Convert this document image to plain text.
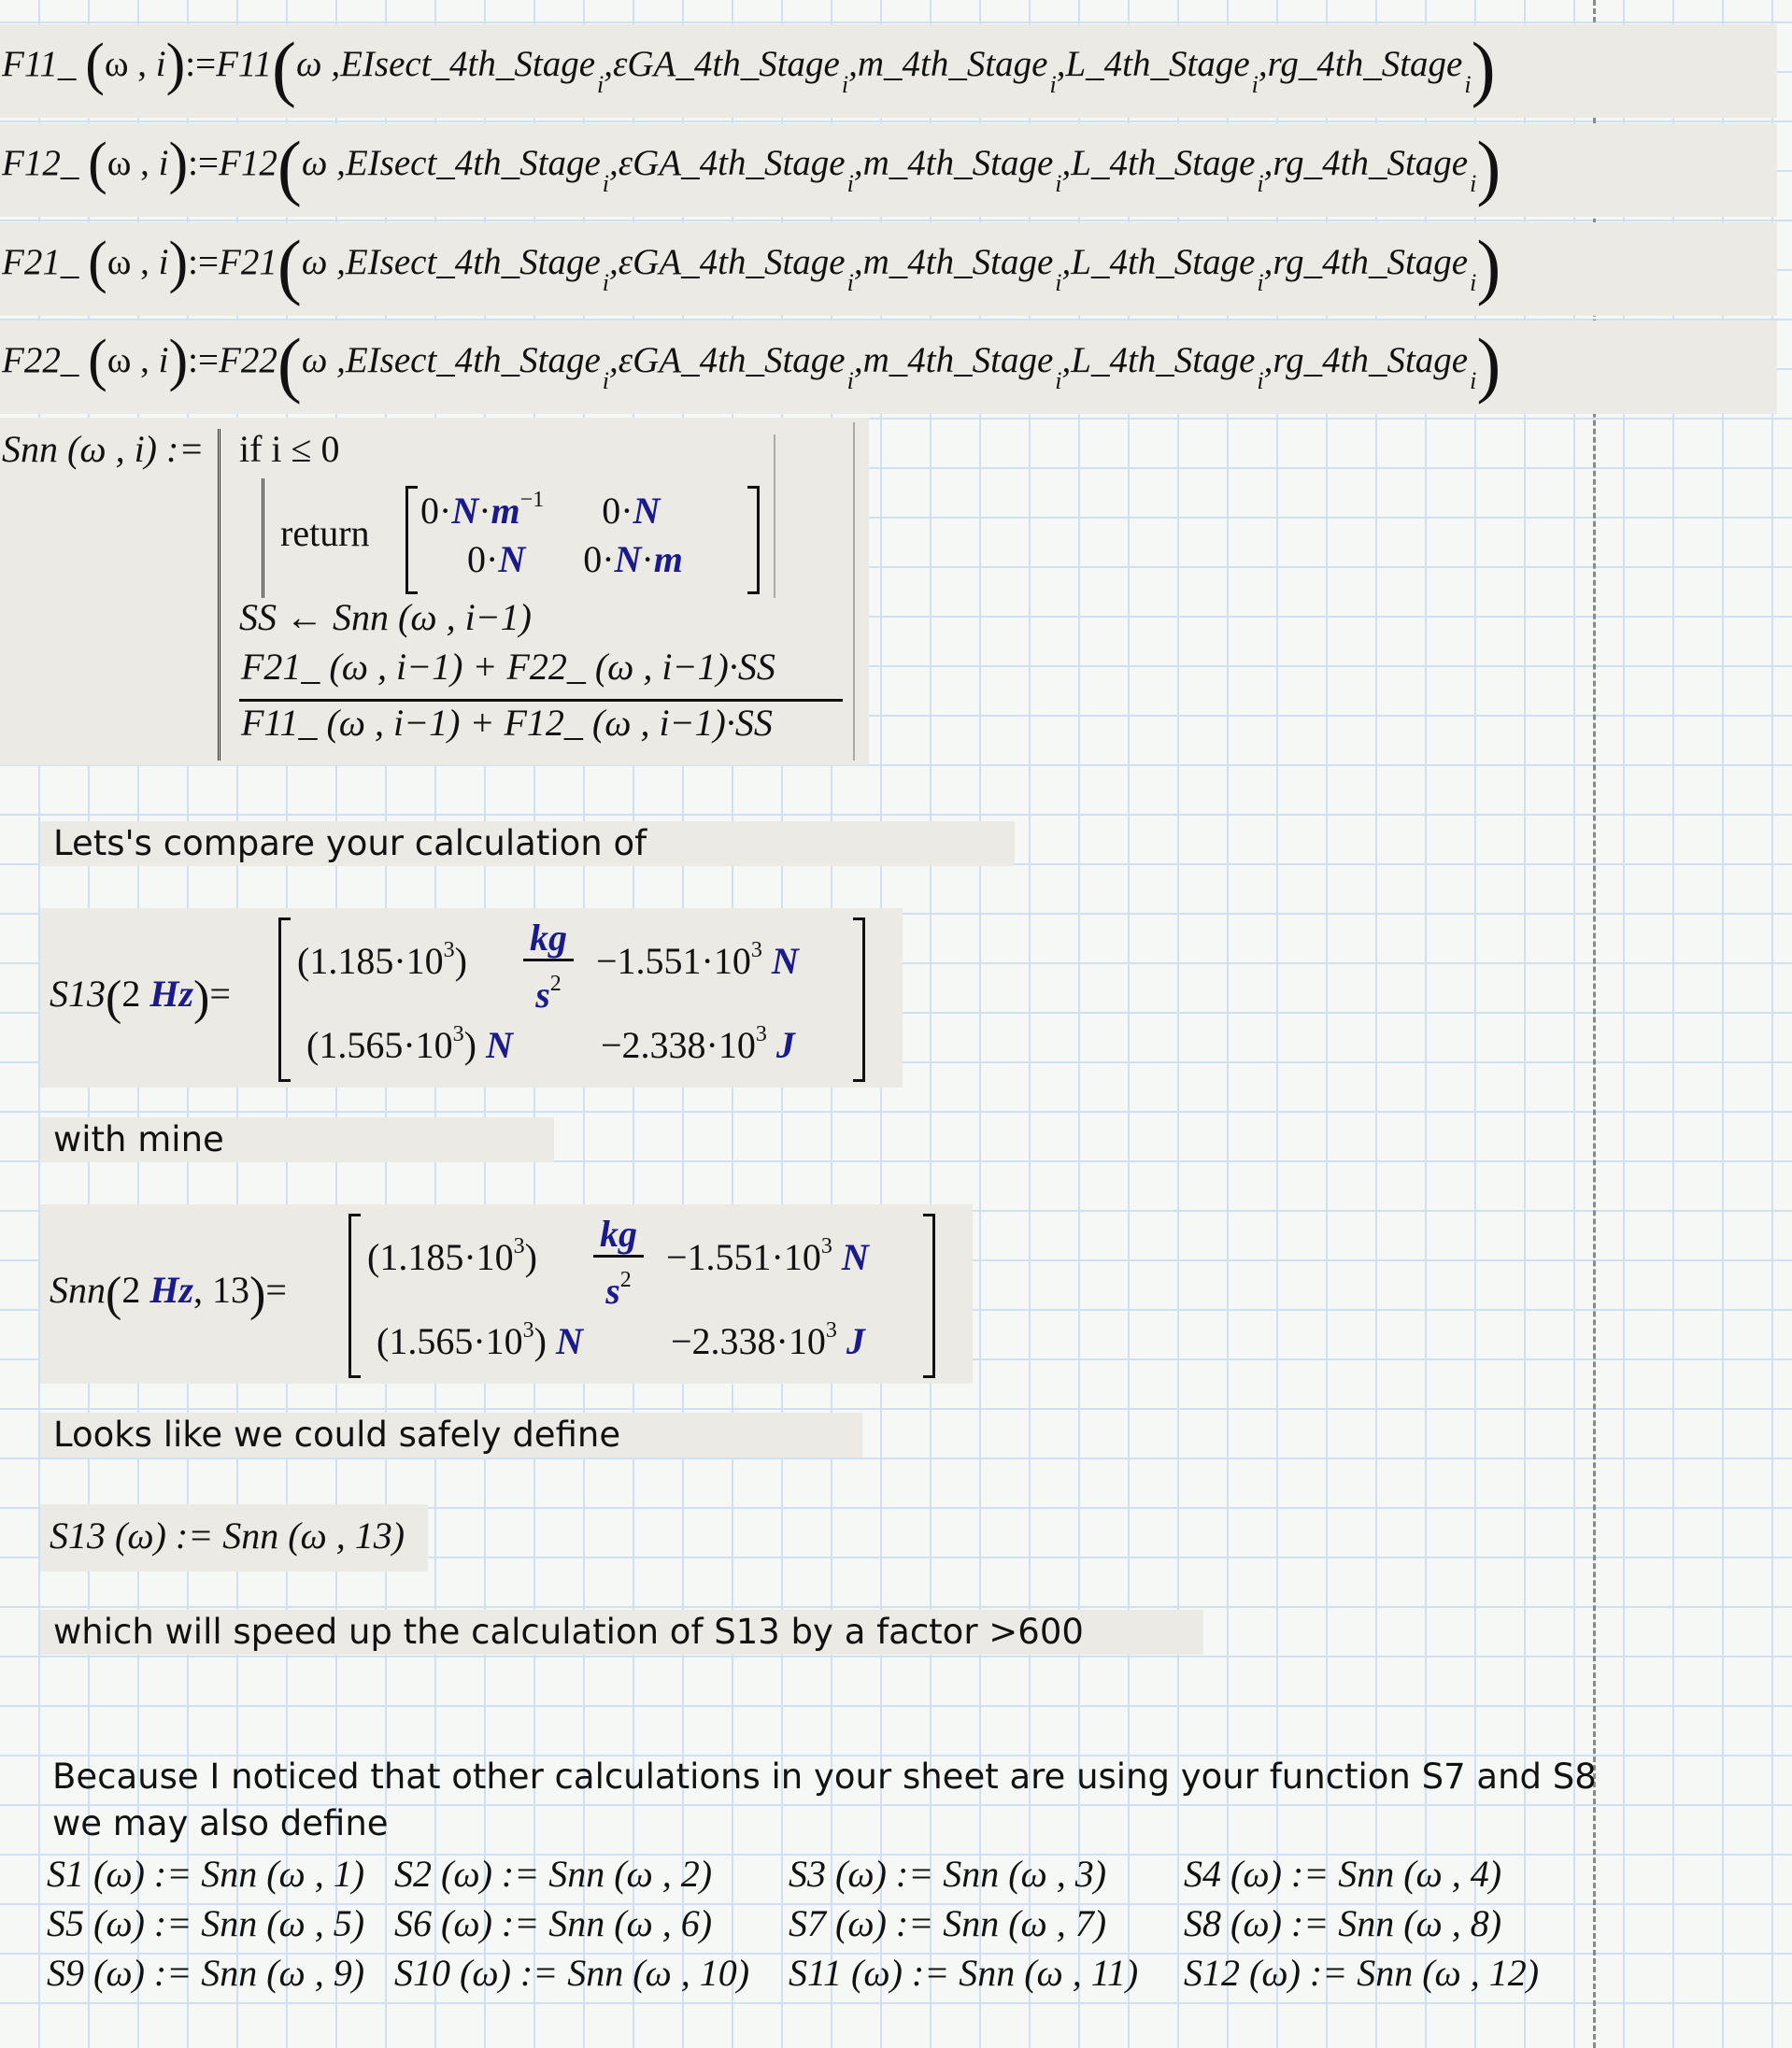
F11_ (ω , i):=F11(ω ,EIsect_4th_Stage$_i$,εGA_4th_Stage$_i$,m_4th_Stage$_i$,L_4th_Stage$_i$,rg_4th_Stage$_i$)
F12_ (ω , i):=F12(ω ,EIsect_4th_Stage$_i$,εGA_4th_Stage$_i$,m_4th_Stage$_i$,L_4th_Stage$_i$,rg_4th_Stage$_i$)
F21_ (ω , i):=F21(ω ,EIsect_4th_Stage$_i$,εGA_4th_Stage$_i$,m_4th_Stage$_i$,L_4th_Stage$_i$,rg_4th_Stage$_i$)
F22_ (ω , i):=F22(ω ,EIsect_4th_Stage$_i$,εGA_4th_Stage$_i$,m_4th_Stage$_i$,L_4th_Stage$_i$,rg_4th_Stage$_i$)
Snn (ω , i) := if i ≤ 0
return
$0\cdot N\cdot m^{-1}$ 0·N
0·N 0·N·m
SS ← Snn (ω , i−1)
F21_ (ω , i−1) + F22_ (ω , i−1)·SS
F11_ (ω , i−1) + F12_ (ω , i−1)·SS
Lets's compare your calculation of
S13(2 Hz)=
$(1.185\cdot 10^3)$
kg
$s^2$
$-1.551\cdot 10^3$ N
$(1.565\cdot 10^3)$ $N -2.338\cdot 10^3$ J
with mine
Snn(2 Hz, 13)=
$(1.185\cdot 10^3)$
kg
$s^2$
$-1.551\cdot 10^3$ N
$(1.565\cdot 10^3)$ $N -2.338\cdot 10^3$ J
Looks like we could safely define
S13 (ω) := Snn (ω , 13)
which will speed up the calculation of S13 by a factor >600
Because I noticed that other calculations in your sheet are using your function S7 and S8
we may also define
S1 (ω) := Snn (ω , 1) S2 (ω) := Snn (ω , 2) S3 (ω) := Snn (ω , 3) S4 (ω) := Snn (ω , 4)
S5 (ω) := Snn (ω , 5) S6 (ω) := Snn (ω , 6) S7 (ω) := Snn (ω , 7) S8 (ω) := Snn (ω , 8)
S9 (ω) := Snn (ω , 9) S10 (ω) := Snn (ω , 10) S11 (ω) := Snn (ω , 11) S12 (ω) := Snn (ω , 12)
